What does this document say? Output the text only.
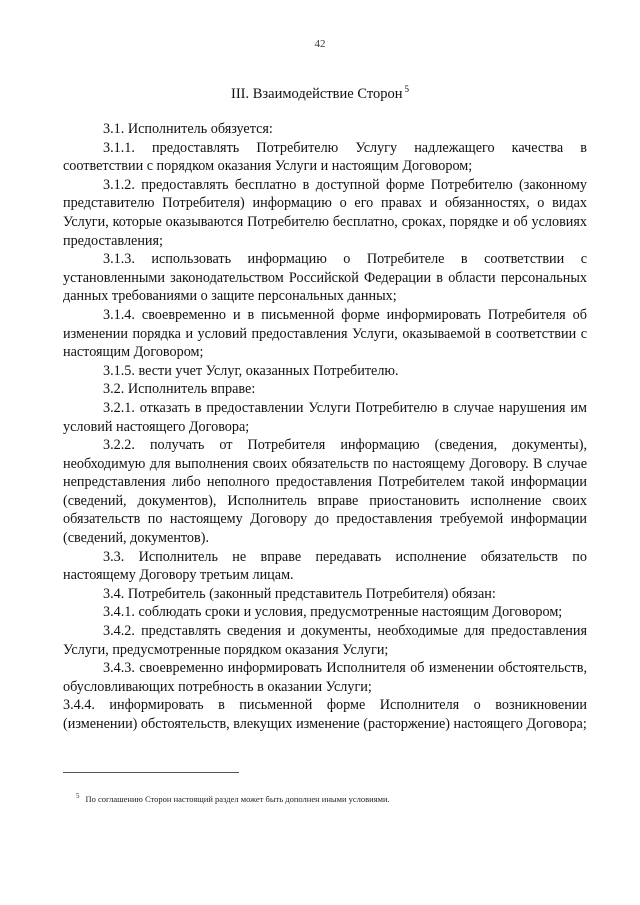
42
III. Взаимодействие Сторон $^5$

3.1. Исполнитель обязуется:

3.1.1. предоставлять Потребителю Услугу надлежащего качества в соответствии с порядком оказания Услуги и настоящим Договором;

3.1.2. предоставлять бесплатно в доступной форме Потребителю (законному представителю Потребителя) информацию о его правах и обязанностях, о видах Услуги, которые оказываются Потребителю бесплатно, сроках, порядке и об условиях предоставления;

3.1.3. использовать информацию о Потребителе в соответствии с установленными законодательством Российской Федерации в области персональных данных требованиями о защите персональных данных;

3.1.4. своевременно и в письменной форме информировать Потребителя об изменении порядка и условий предоставления Услуги, оказываемой в соответствии с настоящим Договором;

3.1.5. вести учет Услуг, оказанных Потребителю.

3.2. Исполнитель вправе:

3.2.1. отказать в предоставлении Услуги Потребителю в случае нарушения им условий настоящего Договора;

3.2.2. получать от Потребителя информацию (сведения, документы), необходимую для выполнения своих обязательств по настоящему Договору. В случае непредставления либо неполного предоставления Потребителем такой информации (сведений, документов), Исполнитель вправе приостановить исполнение своих обязательств по настоящему Договору до предоставления требуемой информации (сведений, документов).

3.3. Исполнитель не вправе передавать исполнение обязательств по настоящему Договору третьим лицам.

3.4. Потребитель (законный представитель Потребителя) обязан:

3.4.1. соблюдать сроки и условия, предусмотренные настоящим Договором;

3.4.2. представлять сведения и документы, необходимые для предоставления Услуги, предусмотренные порядком оказания Услуги;

3.4.3. своевременно информировать Исполнителя об изменении обстоятельств, обусловливающих потребность в оказании Услуги;

3.4.4. информировать в письменной форме Исполнителя о возникновении (изменении) обстоятельств, влекущих изменение (расторжение) настоящего Договора;

$^5$ По соглашению Сторон настоящий раздел может быть дополнен иными условиями.
